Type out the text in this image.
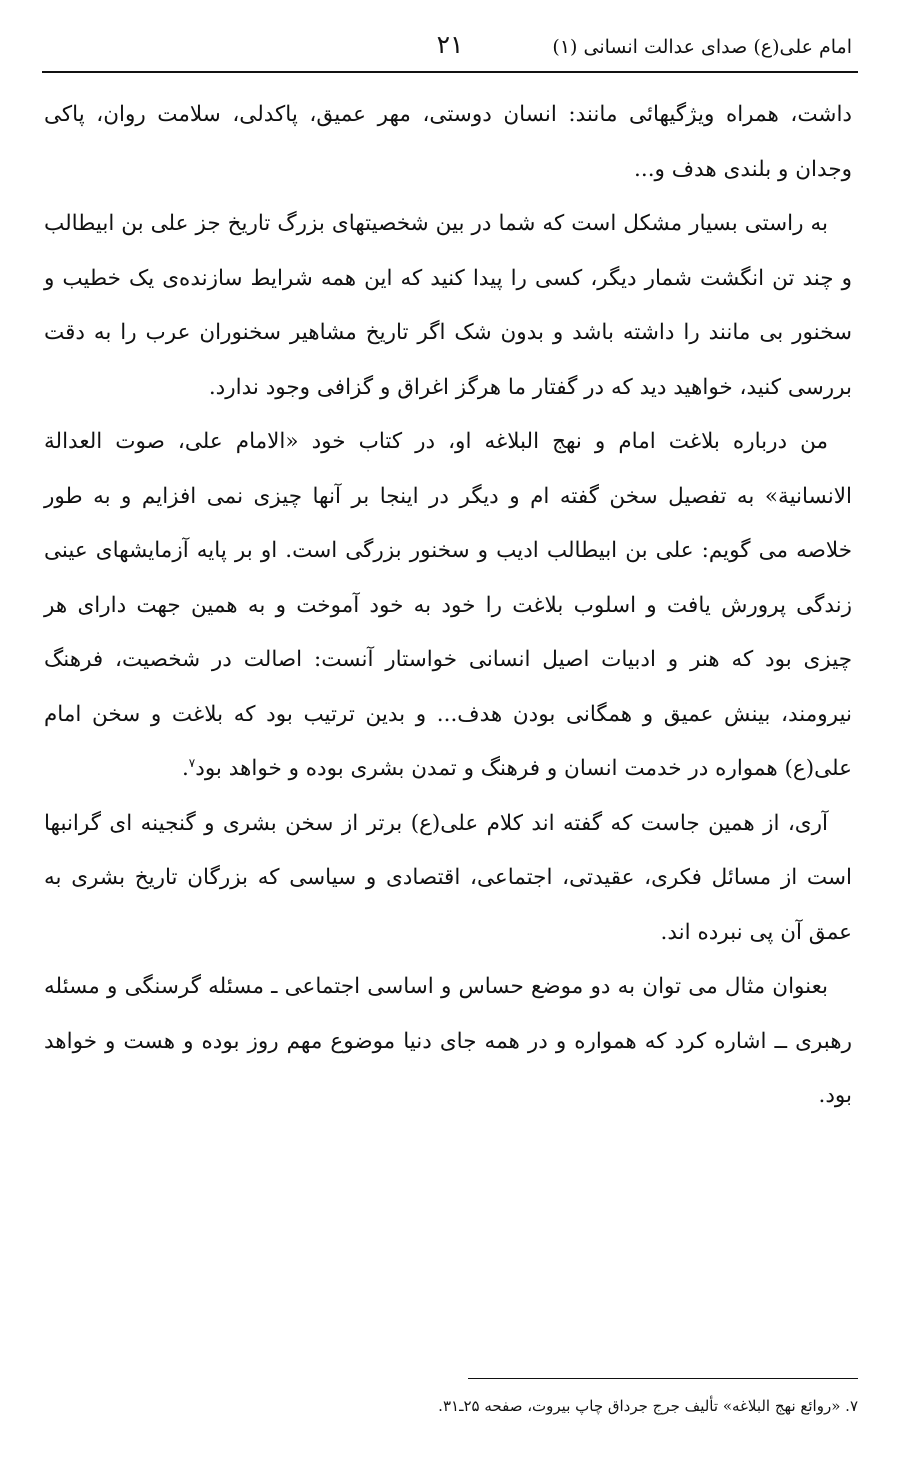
امام علی(ع) صدای عدالت انسانی (۱)
۲۱

داشت، همراه ویژگیهائی مانند: انسان دوستی، مهر عمیق، پاکدلی، سلامت روان، پاکی وجدان و بلندی هدف و...

به راستی بسیار مشکل است که شما در بین شخصیتهای بزرگ تاریخ جز علی بن ابیطالب و چند تن انگشت شمار دیگر، کسی را پیدا کنید که این همه شرایط سازنده‌ی یک خطیب و سخنور بی مانند را داشته باشد و بدون شک اگر تاریخ مشاهیر سخنوران عرب را به دقت بررسی کنید، خواهید دید که در گفتار ما هرگز اغراق و گزافی وجود ندارد.

من درباره بلاغت امام و نهج البلاغه او، در کتاب خود «الامام علی، صوت العدالة الانسانیة» به تفصیل سخن گفته ام و دیگر در اینجا بر آنها چیزی نمی افزایم و به طور خلاصه می گویم: علی بن ابیطالب ادیب و سخنور بزرگی است. او بر پایه آزمایشهای عینی زندگی پرورش یافت و اسلوب بلاغت را خود به خود آموخت و به همین جهت دارای هر چیزی بود که هنر و ادبیات اصیل انسانی خواستار آنست: اصالت در شخصیت، فرهنگ نیرومند، بینش عمیق و همگانی بودن هدف... و بدین ترتیب بود که بلاغت و سخن امام علی(ع) همواره در خدمت انسان و فرهنگ و تمدن بشری بوده و خواهد بود$^۷$.

آری، از همین جاست که گفته اند کلام علی(ع) برتر از سخن بشری و گنجینه ای گرانبها است از مسائل فکری، عقیدتی، اجتماعی، اقتصادی و سیاسی که بزرگان تاریخ بشری به عمق آن پی نبرده اند.

بعنوان مثال می توان به دو موضع حساس و اساسی اجتماعی ـ مسئله گرسنگی و مسئله رهبری ــ اشاره کرد که همواره و در همه جای دنیا موضوع مهم روز بوده و هست و خواهد بود.

۷. «روائع نهج البلاغه» تألیف جرج جرداق چاپ بیروت، صفحه ۲۵ـ۳۱.
